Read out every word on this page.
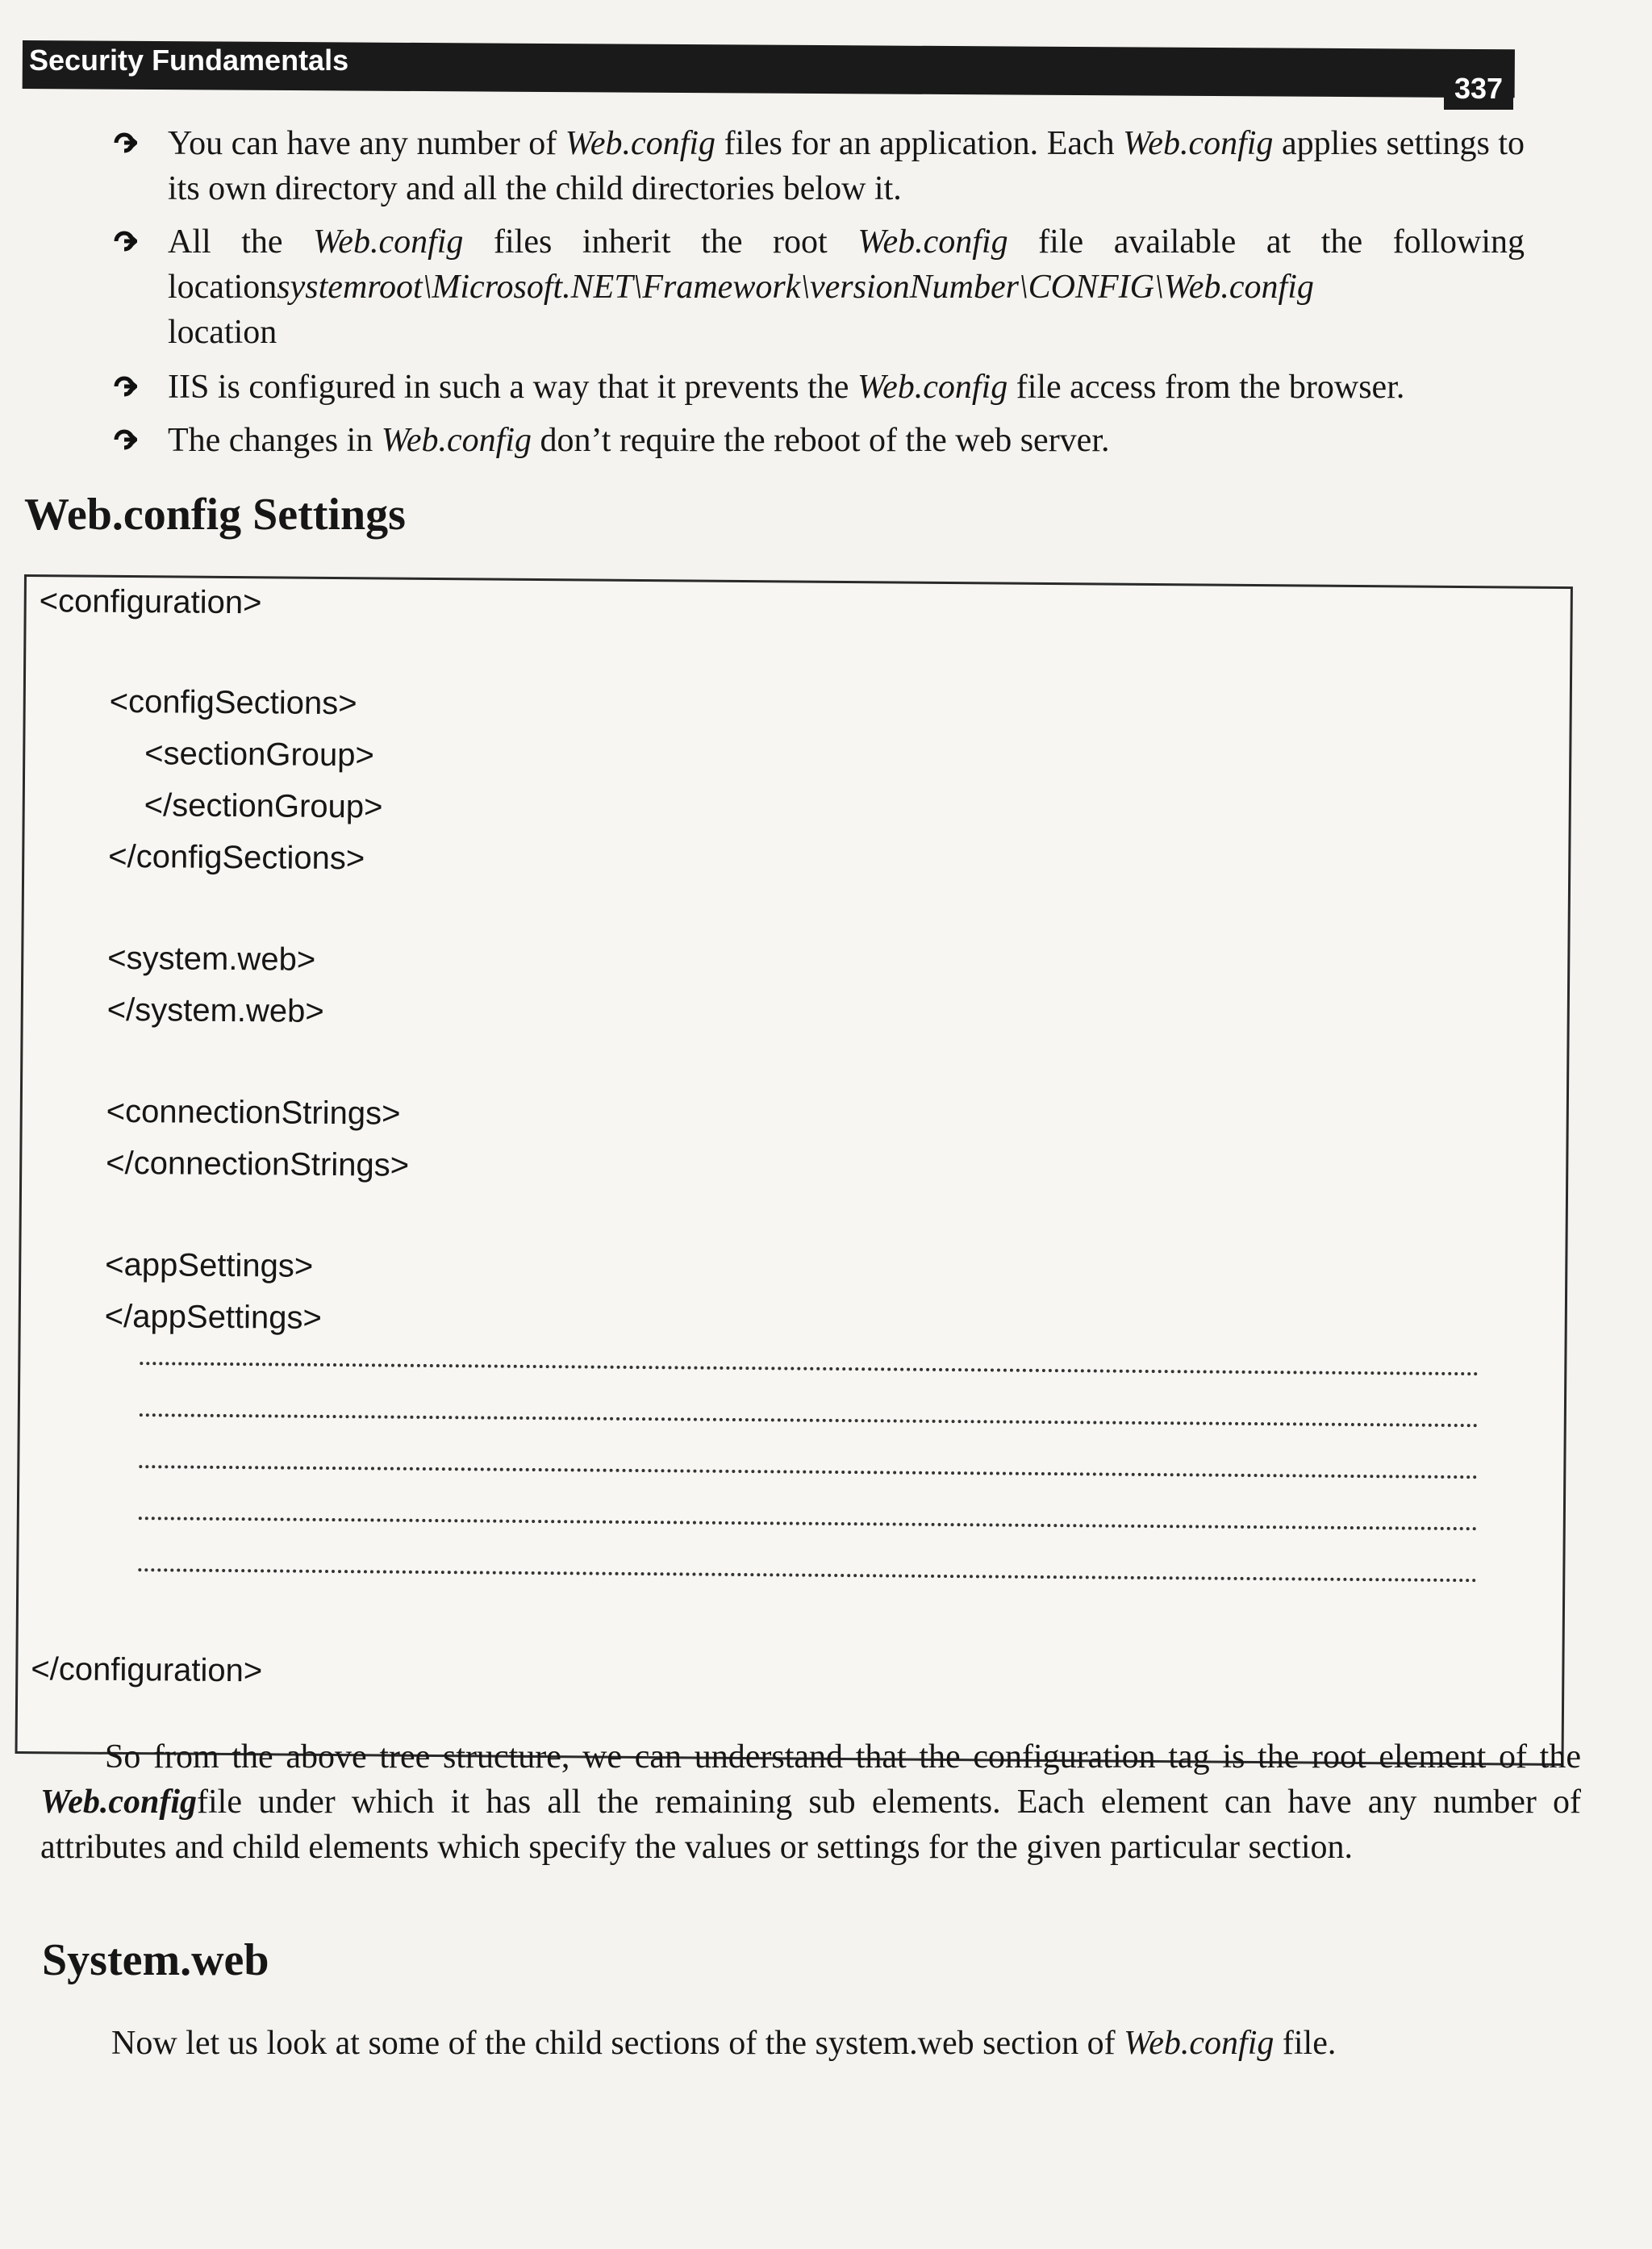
Security Fundamentals
337
You can have any number of Web.config files for an application. Each Web.config applies settings to its own directory and all the child directories below it.
All the Web.config files inherit the root Web.config file available at the following locationsystemroot\Microsoft.NET\Framework\versionNumber\CONFIG\Web.config
location
IIS is configured in such a way that it prevents the Web.config file access from the browser.
The changes in Web.config don’t require the reboot of the web server.
Web.config Settings
<configuration>
<configSections>
<sectionGroup>
</sectionGroup>
</configSections>
<system.web>
</system.web>
<connectionStrings>
</connectionStrings>
<appSettings>
</appSettings>
</configuration>
So from the above tree structure, we can understand that the configuration tag is the root element of the Web.configfile under which it has all the remaining sub elements. Each element can have any number of attributes and child elements which specify the values or settings for the given particular section.
System.web
Now let us look at some of the child sections of the system.web section of Web.config file.
